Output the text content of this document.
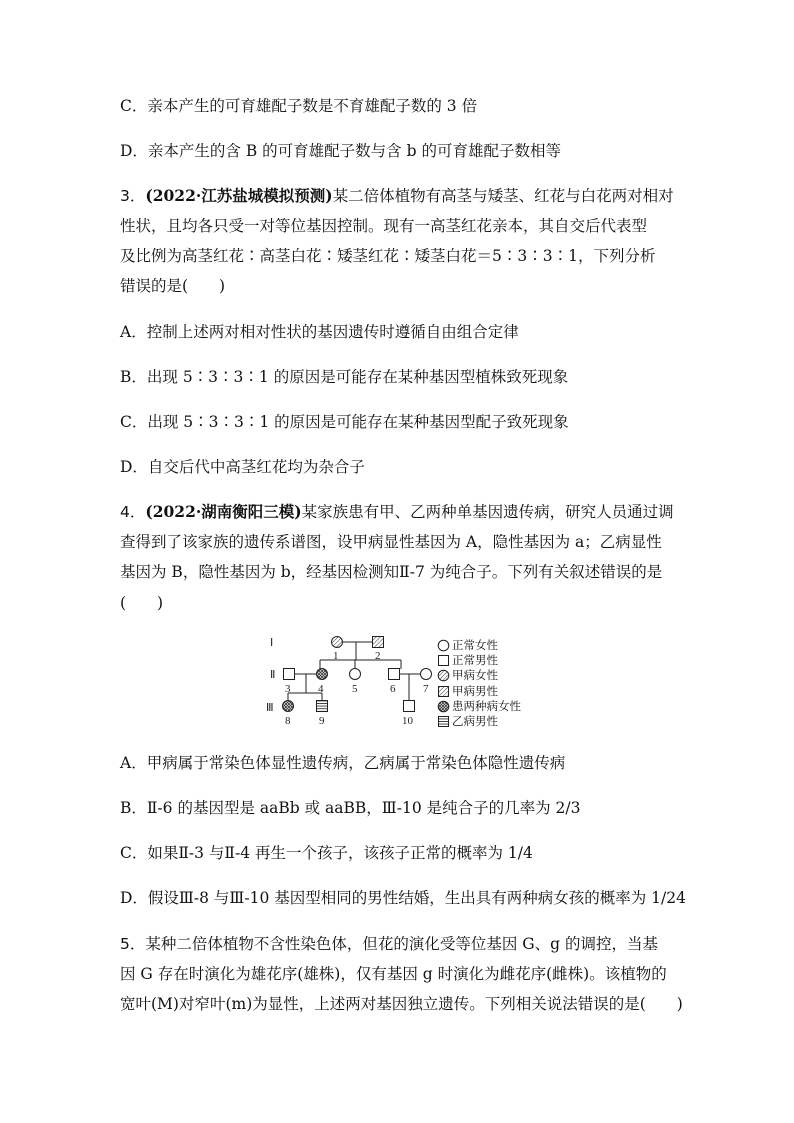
C．亲本产生的可育雄配子数是不育雄配子数的 3 倍
D．亲本产生的含 B 的可育雄配子数与含 b 的可育雄配子数相等
3．(2022·江苏盐城模拟预测)某二倍体植物有高茎与矮茎、红花与白花两对相对
性状，且均各只受一对等位基因控制。现有一高茎红花亲本，其自交后代表型
及比例为高茎红花∶高茎白花∶矮茎红花∶矮茎白花＝5∶3∶3∶1，下列分析
错误的是(　　)
A．控制上述两对相对性状的基因遗传时遵循自由组合定律
B．出现 5∶3∶3∶1 的原因是可能存在某种基因型植株致死现象
C．出现 5∶3∶3∶1 的原因是可能存在某种基因型配子致死现象
D．自交后代中高茎红花均为杂合子
4．(2022·湖南衡阳三模)某家族患有甲、乙两种单基因遗传病，研究人员通过调
查得到了该家族的遗传系谱图，设甲病显性基因为 A，隐性基因为 a；乙病显性
基因为 B，隐性基因为 b，经基因检测知Ⅱ-7 为纯合子。下列有关叙述错误的是
(　　)
Ⅰ
Ⅱ
Ⅲ
1	2
3	4	5	6	7
8	9	10
正常女性
正常男性
甲病女性
甲病男性
患两种病女性
乙病男性
A．甲病属于常染色体显性遗传病，乙病属于常染色体隐性遗传病
B．Ⅱ-6 的基因型是 aaBb 或 aaBB，Ⅲ-10 是纯合子的几率为 2/3
C．如果Ⅱ-3 与Ⅱ-4 再生一个孩子，该孩子正常的概率为 1/4
D．假设Ⅲ-8 与Ⅲ-10 基因型相同的男性结婚，生出具有两种病女孩的概率为 1/24
5．某种二倍体植物不含性染色体，但花的演化受等位基因 G、g 的调控，当基
因 G 存在时演化为雄花序(雄株)，仅有基因 g 时演化为雌花序(雌株)。该植物的
宽叶(M)对窄叶(m)为显性，上述两对基因独立遗传。下列相关说法错误的是(　　)
